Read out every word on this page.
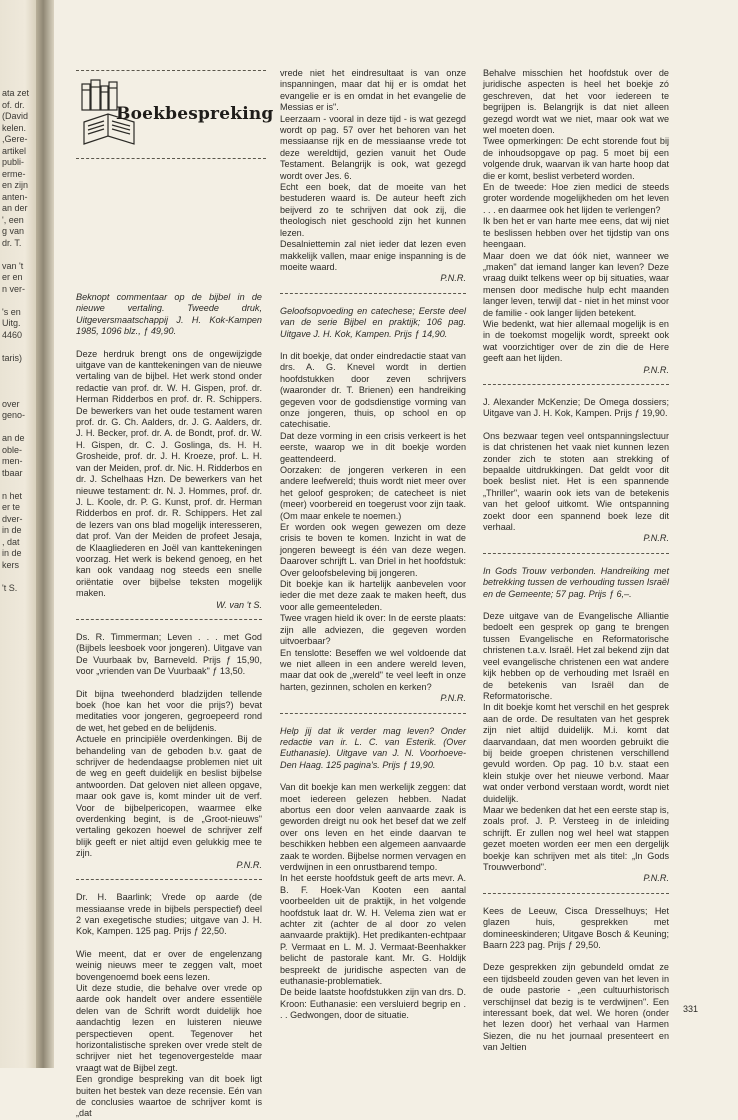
ata zet
of. dr.
(David
kelen.
,Gere-
artikel
publi-
erme-
en zijn
anten-
an der
', een
g van
dr. T.

van 't
er en
n ver-

's en
Uitg.
4460

taris)

over
geno-

an de
oble-
men-
tbaar

n het
er te
dver-
in de
, dat
in de
kers

't S.
Boekbespreking

Beknopt commentaar op de bijbel in de nieuwe vertaling. Tweede druk, Uitgeversmaatschappij J. H. Kok-Kampen 1985, 1096 blz., ƒ 49,90.

Deze herdruk brengt ons de ongewijzigde uitgave van de kanttekeningen van de nieuwe vertaling van de bijbel. Het werk stond onder redactie van prof. dr. W. H. Gispen, prof. dr. Herman Ridderbos en prof. dr. R. Schippers. De bewerkers van het oude testament waren prof. dr. G. Ch. Aalders, dr. J. G. Aalders, dr. J. H. Becker, prof. dr. A. de Bondt, prof. dr. W. H. Gispen, dr. C. J. Goslinga, ds. H. H. Grosheide, prof. dr. J. H. Kroeze, prof. L. H. van der Meiden, prof. dr. Nic. H. Ridderbos en dr. J. Schelhaas Hzn. De bewerkers van het nieuwe testament: dr. N. J. Hommes, prof. dr. J. L. Koole, dr. P. G. Kunst, prof. dr. Herman Ridderbos en prof. dr. R. Schippers. Het zal de lezers van ons blad mogelijk interesseren, dat prof. Van der Meiden de profeet Jesaja, de Klaagliederen en Joël van kanttekeningen voorzag. Het werk is bekend genoeg, en het kan ook vandaag nog steeds een snelle oriëntatie over bijbelse teksten mogelijk maken.

W. van 't S.

Ds. R. Timmerman; Leven . . . met God (Bijbels leesboek voor jongeren). Uitgave van De Vuurbaak bv, Barneveld. Prijs ƒ 15,90, voor „vrienden van De Vuurbaak" ƒ 13,50.

Dit bijna tweehonderd bladzijden tellende boek (hoe kan het voor die prijs?) bevat meditaties voor jongeren, gegroepeerd rond de wet, het gebed en de belijdenis.

Actuele en principiële overdenkingen. Bij de behandeling van de geboden b.v. gaat de schrijver de hedendaagse problemen niet uit de weg en geeft duidelijk en beslist bijbelse antwoorden. Dat geloven niet alleen opgave, maar ook gave is, komt minder uit de verf. Voor de bijbelpericopen, waarmee elke overdenking begint, is de „Groot-nieuws" vertaling gekozen hoewel de schrijver zelf blijk geeft er niet altijd even gelukkig mee te zijn.

P.N.R.

Dr. H. Baarlink; Vrede op aarde (de messiaanse vrede in bijbels perspectief) deel 2 van exegetische studies; uitgave van J. H. Kok, Kampen. 125 pag. Prijs ƒ 22,50.

Wie meent, dat er over de engelenzang weinig nieuws meer te zeggen valt, moet bovengenoemd boek eens lezen.

Uit deze studie, die behalve over vrede op aarde ook handelt over andere essentiële delen van de Schrift wordt duidelijk hoe aandachtig lezen en luisteren nieuwe perspectieven opent. Tegenover het horizontalistische spreken over vrede stelt de schrijver niet het tegenovergestelde maar vraagt wat de Bijbel zegt.

Een grondige bespreking van dit boek ligt buiten het bestek van deze recensie. Eén van de conclusies waartoe de schrijver komt is „dat

vrede niet het eindresultaat is van onze inspanningen, maar dat hij er is omdat het evangelie er is en omdat in het evangelie de Messias er is".

Leerzaam - vooral in deze tijd - is wat gezegd wordt op pag. 57 over het behoren van het messiaanse rijk en de messiaanse vrede tot deze wereldtijd, gezien vanuit het Oude Testament. Belangrijk is ook, wat gezegd wordt over Jes. 6.

Echt een boek, dat de moeite van het bestuderen waard is. De auteur heeft zich beijverd zo te schrijven dat ook zij, die theologisch niet geschoold zijn het kunnen lezen.

Desalniettemin zal niet ieder dat lezen even makkelijk vallen, maar enige inspanning is de moeite waard.

P.N.R.

Geloofsopvoeding en catechese; Eerste deel van de serie Bijbel en praktijk; 106 pag. Uitgave J. H. Kok, Kampen. Prijs ƒ 14,90.

In dit boekje, dat onder eindredactie staat van drs. A. G. Knevel wordt in dertien hoofdstukken door zeven schrijvers (waaronder dr. T. Brienen) een handreiking gegeven voor de godsdienstige vorming van onze jongeren, thuis, op school en op catechisatie.

Dat deze vorming in een crisis verkeert is het eerste, waarop we in dit boekje worden geattendeerd.

Oorzaken: de jongeren verkeren in een andere leefwereld; thuis wordt niet meer over het geloof gesproken; de catecheet is niet (meer) voorbereid en toegerust voor zijn taak. (Om maar enkele te noemen.)

Er worden ook wegen gewezen om deze crisis te boven te komen. Inzicht in wat de jongeren beweegt is één van deze wegen. Daarover schrijft L. van Driel in het hoofdstuk: Over geloofsbeleving bij jongeren.

Dit boekje kan ik hartelijk aanbevelen voor ieder die met deze zaak te maken heeft, dus voor alle gemeenteleden.

Twee vragen hield ik over: In de eerste plaats: zijn alle adviezen, die gegeven worden uitvoerbaar?

En tenslotte: Beseffen we wel voldoende dat we niet alleen in een andere wereld leven, maar dat ook de „wereld" te veel leeft in onze harten, gezinnen, scholen en kerken?

P.N.R.

Help jij dat ik verder mag leven? Onder redactie van ir. L. C. van Esterik. (Over Euthanasie). Uitgave van J. N. Voorhoeve-Den Haag. 125 pagina's. Prijs ƒ 19,90.

Van dit boekje kan men werkelijk zeggen: dat moet iedereen gelezen hebben. Nadat abortus een door velen aanvaarde zaak is geworden dreigt nu ook het besef dat we zelf over ons leven en het einde daarvan te beschikken hebben een algemeen aanvaarde zaak te worden. Bijbelse normen vervagen en verdwijnen in een onrustbarend tempo.

In het eerste hoofdstuk geeft de arts mevr. A. B. F. Hoek-Van Kooten een aantal voorbeelden uit de praktijk, in het volgende hoofdstuk laat dr. W. H. Velema zien wat er achter zit (achter de al door zo velen aanvaarde praktijk). Het predikanten-echtpaar P. Vermaat en L. M. J. Vermaat-Beenhakker belicht de pastorale kant. Mr. G. Holdijk bespreekt de juridische aspecten van de euthanasie-problematiek.

De beide laatste hoofdstukken zijn van drs. D. Kroon: Euthanasie: een versluierd begrip en . . . Gedwongen, door de situatie.

Behalve misschien het hoofdstuk over de juridische aspecten is heel het boekje zó geschreven, dat het voor iedereen te begrijpen is. Belangrijk is dat niet alleen gezegd wordt wat we niet, maar ook wat we wel moeten doen.

Twee opmerkingen: De echt storende fout bij de inhoudsopgave op pag. 5 moet bij een volgende druk, waarvan ik van harte hoop dat die er komt, beslist verbeterd worden.

En de tweede: Hoe zien medici de steeds groter wordende mogelijkheden om het leven . . . en daarmee ook het lijden te verlengen?

Ik ben het er van harte mee eens, dat wij niet te beslissen hebben over het tijdstip van ons heengaan.

Maar doen we dat óók niet, wanneer we „maken" dat iemand langer kan leven? Deze vraag duikt telkens weer op bij situaties, waar mensen door medische hulp echt maanden langer leven, terwijl dat - niet in het minst voor de familie - ook langer lijden betekent.

Wie bedenkt, wat hier allemaal mogelijk is en in de toekomst mogelijk wordt, spreekt ook wat voorzichtiger over de zin die de Here geeft aan het lijden.

P.N.R.

J. Alexander McKenzie; De Omega dossiers; Uitgave van J. H. Kok, Kampen. Prijs ƒ 19,90.

Ons bezwaar tegen veel ontspanningslectuur is dat christenen het vaak niet kunnen lezen zonder zich te stoten aan strekking of bepaalde uitdrukkingen. Dat geldt voor dit boek beslist niet. Het is een spannende „Thriller", waarin ook iets van de betekenis van het geloof uitkomt. Wie ontspanning zoekt door een spannend boek leze dit verhaal.

P.N.R.

In Gods Trouw verbonden. Handreiking met betrekking tussen de verhouding tussen Israël en de Gemeente; 57 pag. Prijs ƒ 6,–.

Deze uitgave van de Evangelische Alliantie bedoelt een gesprek op gang te brengen tussen Evangelische en Reformatorische christenen t.a.v. Israël. Het zal bekend zijn dat veel evangelische christenen een wat andere kijk hebben op de verhouding met Israël en de betekenis van Israël dan de Reformatorische.

In dit boekje komt het verschil en het gesprek aan de orde. De resultaten van het gesprek zijn niet altijd duidelijk. M.i. komt dat daarvandaan, dat men woorden gebruikt die bij beide groepen christenen verschillend gevuld worden. Op pag. 10 b.v. staat een klein stukje over het nieuwe verbond. Maar wat onder verbond verstaan wordt, wordt niet duidelijk.

Maar we bedenken dat het een eerste stap is, zoals prof. J. P. Versteeg in de inleiding schrijft. Er zullen nog wel heel wat stappen gezet moeten worden eer men een dergelijk boekje kan schrijven met als titel: „In Gods Trouwverbond".

P.N.R.

Kees de Leeuw, Cisca Dresselhuys; Het glazen huis, gesprekken met domineeskinderen; Uitgave Bosch & Keuning; Baarn 223 pag. Prijs ƒ 29,50.

Deze gesprekken zijn gebundeld omdat ze een tijdsbeeld zouden geven van het leven in de oude pastorie - „een cultuurhistorisch verschijnsel dat bezig is te verdwijnen". Een interessant boek, dat wel. We horen (onder het lezen door) het verhaal van Harmen Siezen, die nu het journaal presenteert en van Jeltien

331
